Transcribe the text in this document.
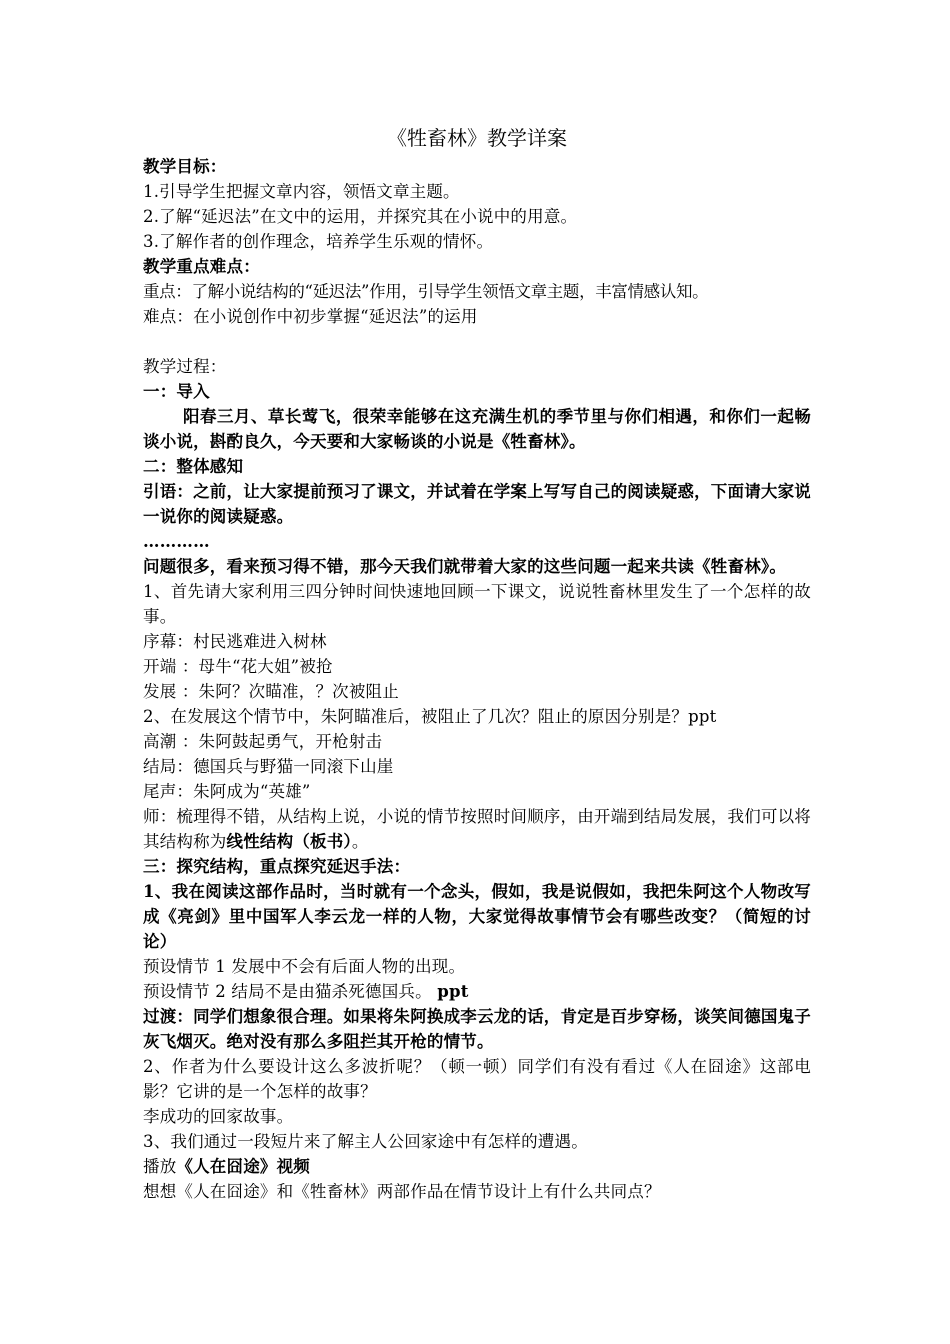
《牲畜林》教学详案
教学目标：
1.引导学生把握文章内容，领悟文章主题。
2.了解“延迟法”在文中的运用，并探究其在小说中的用意。
3.了解作者的创作理念，培养学生乐观的情怀。
教学重点难点：
重点：了解小说结构的“延迟法”作用，引导学生领悟文章主题，丰富情感认知。
难点：在小说创作中初步掌握“延迟法”的运用
教学过程：
一：导入
阳春三月、草长莺飞，很荣幸能够在这充满生机的季节里与你们相遇，和你们一起畅谈小说，斟酌良久，今天要和大家畅谈的小说是《牲畜林》。
二：整体感知
引语：之前，让大家提前预习了课文，并试着在学案上写写自己的阅读疑惑，下面请大家说一说你的阅读疑惑。
…………
问题很多，看来预习得不错，那今天我们就带着大家的这些问题一起来共读《牲畜林》。
1、首先请大家利用三四分钟时间快速地回顾一下课文，说说牲畜林里发生了一个怎样的故事。
序幕：村民逃难进入树林
开端 ：母牛“花大姐”被抢
发展 ：朱阿？次瞄准，？次被阻止
2、在发展这个情节中，朱阿瞄准后，被阻止了几次？阻止的原因分别是？ppt
高潮 ：朱阿鼓起勇气，开枪射击
结局：德国兵与野猫一同滚下山崖
尾声：朱阿成为“英雄”
师：梳理得不错，从结构上说，小说的情节按照时间顺序，由开端到结局发展，我们可以将其结构称为线性结构（板书）。
三：探究结构，重点探究延迟手法：
1、我在阅读这部作品时，当时就有一个念头，假如，我是说假如，我把朱阿这个人物改写成《亮剑》里中国军人李云龙一样的人物，大家觉得故事情节会有哪些改变？（简短的讨论）
预设情节 1 发展中不会有后面人物的出现。
预设情节 2 结局不是由猫杀死德国兵。 ppt
过渡：同学们想象很合理。如果将朱阿换成李云龙的话，肯定是百步穿杨，谈笑间德国鬼子灰飞烟灭。绝对没有那么多阻拦其开枪的情节。
2、作者为什么要设计这么多波折呢？（顿一顿）同学们有没有看过《人在囧途》这部电影？它讲的是一个怎样的故事？
李成功的回家故事。
3、我们通过一段短片来了解主人公回家途中有怎样的遭遇。
播放《人在囧途》视频
想想《人在囧途》和《牲畜林》两部作品在情节设计上有什么共同点？
